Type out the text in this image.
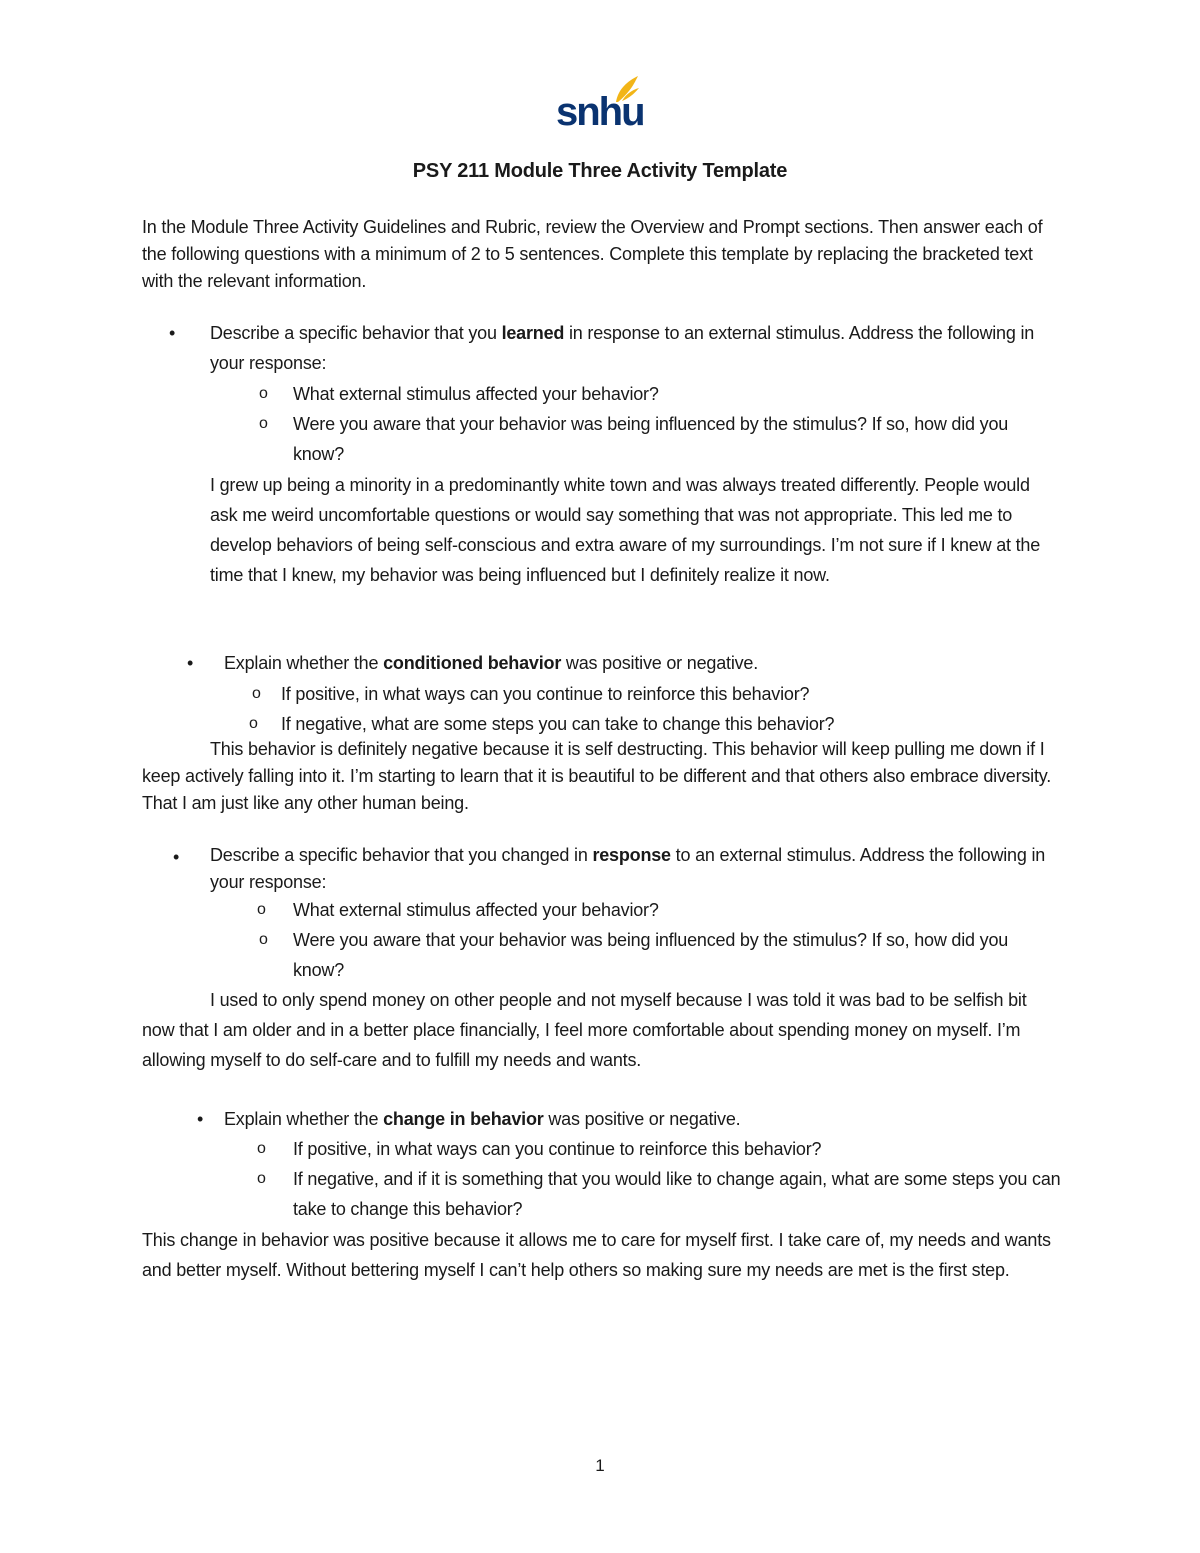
snhu
PSY 211 Module Three Activity Template
In the Module Three Activity Guidelines and Rubric, review the Overview and Prompt sections. Then answer each of the following questions with a minimum of 2 to 5 sentences. Complete this template by replacing the bracketed text with the relevant information.
• Describe a specific behavior that you learned in response to an external stimulus. Address the following in your response:
o What external stimulus affected your behavior?
o Were you aware that your behavior was being influenced by the stimulus? If so, how did you know?
I grew up being a minority in a predominantly white town and was always treated differently. People would ask me weird uncomfortable questions or would say something that was not appropriate. This led me to develop behaviors of being self-conscious and extra aware of my surroundings. I’m not sure if I knew at the time that I knew, my behavior was being influenced but I definitely realize it now.
• Explain whether the conditioned behavior was positive or negative.
o If positive, in what ways can you continue to reinforce this behavior?
o If negative, what are some steps you can take to change this behavior?
This behavior is definitely negative because it is self destructing. This behavior will keep pulling me down if I keep actively falling into it. I’m starting to learn that it is beautiful to be different and that others also embrace diversity. That I am just like any other human being.
• Describe a specific behavior that you changed in response to an external stimulus. Address the following in your response:
o What external stimulus affected your behavior?
o Were you aware that your behavior was being influenced by the stimulus? If so, how did you know?
I used to only spend money on other people and not myself because I was told it was bad to be selfish bit now that I am older and in a better place financially, I feel more comfortable about spending money on myself. I’m allowing myself to do self-care and to fulfill my needs and wants.
• Explain whether the change in behavior was positive or negative.
o If positive, in what ways can you continue to reinforce this behavior?
o If negative, and if it is something that you would like to change again, what are some steps you can take to change this behavior?
This change in behavior was positive because it allows me to care for myself first. I take care of, my needs and wants and better myself. Without bettering myself I can’t help others so making sure my needs are met is the first step.
1
